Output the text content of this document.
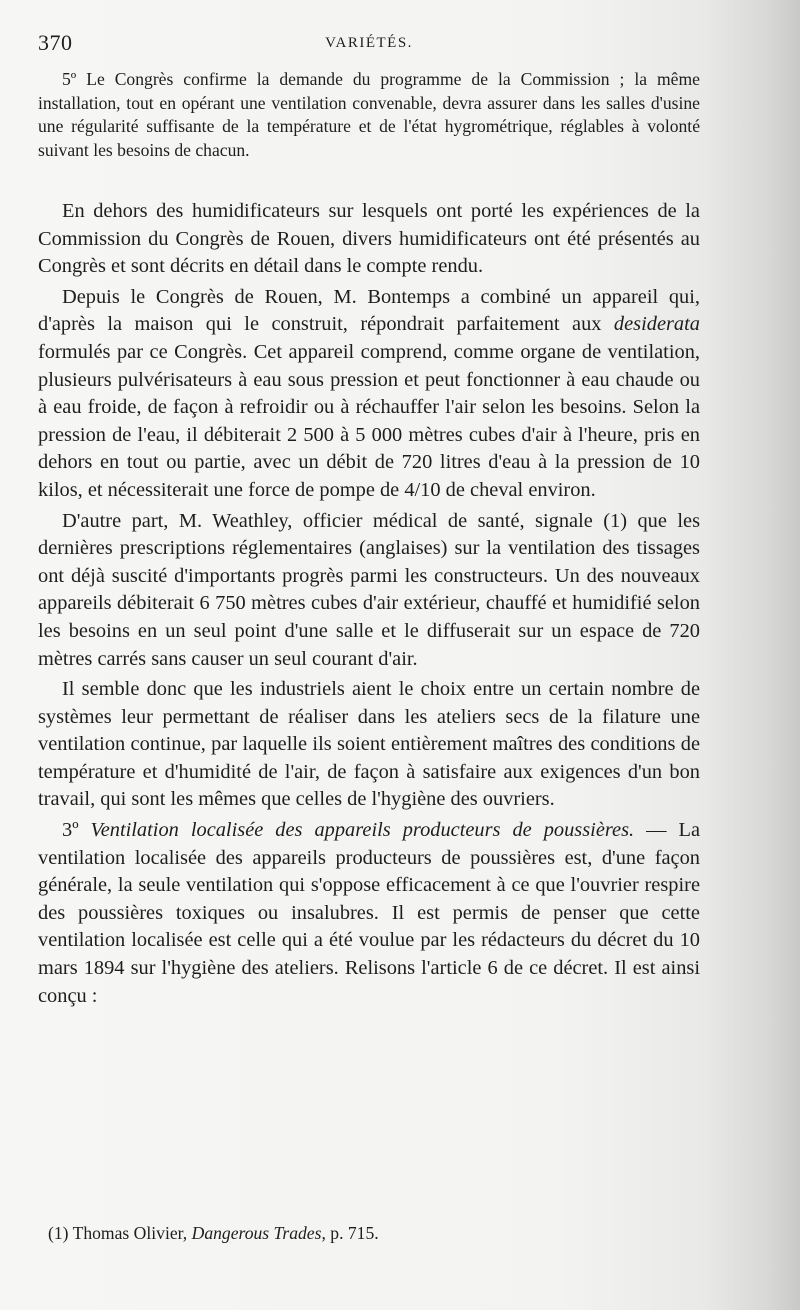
370	VARIÉTÉS.

5º Le Congrès confirme la demande du programme de la Commission ; la même installation, tout en opérant une ventilation convenable, devra assurer dans les salles d'usine une régularité suffisante de la température et de l'état hygrométrique, réglables à volonté suivant les besoins de chacun.

En dehors des humidificateurs sur lesquels ont porté les expériences de la Commission du Congrès de Rouen, divers humidificateurs ont été présentés au Congrès et sont décrits en détail dans le compte rendu.

Depuis le Congrès de Rouen, M. Bontemps a combiné un appareil qui, d'après la maison qui le construit, répondrait parfaitement aux desiderata formulés par ce Congrès. Cet appareil comprend, comme organe de ventilation, plusieurs pulvérisateurs à eau sous pression et peut fonctionner à eau chaude ou à eau froide, de façon à refroidir ou à réchauffer l'air selon les besoins. Selon la pression de l'eau, il débiterait 2 500 à 5 000 mètres cubes d'air à l'heure, pris en dehors en tout ou partie, avec un débit de 720 litres d'eau à la pression de 10 kilos, et nécessiterait une force de pompe de 4/10 de cheval environ.

D'autre part, M. Weathley, officier médical de santé, signale (1) que les dernières prescriptions réglementaires (anglaises) sur la ventilation des tissages ont déjà suscité d'importants progrès parmi les constructeurs. Un des nouveaux appareils débiterait 6 750 mètres cubes d'air extérieur, chauffé et humidifié selon les besoins en un seul point d'une salle et le diffuserait sur un espace de 720 mètres carrés sans causer un seul courant d'air.

Il semble donc que les industriels aient le choix entre un certain nombre de systèmes leur permettant de réaliser dans les ateliers secs de la filature une ventilation continue, par laquelle ils soient entièrement maîtres des conditions de température et d'humidité de l'air, de façon à satisfaire aux exigences d'un bon travail, qui sont les mêmes que celles de l'hygiène des ouvriers.

3º Ventilation localisée des appareils producteurs de poussières. — La ventilation localisée des appareils producteurs de poussières est, d'une façon générale, la seule ventilation qui s'oppose efficacement à ce que l'ouvrier respire des poussières toxiques ou insalubres. Il est permis de penser que cette ventilation localisée est celle qui a été voulue par les rédacteurs du décret du 10 mars 1894 sur l'hygiène des ateliers. Relisons l'article 6 de ce décret. Il est ainsi conçu :

(1) Thomas Olivier, Dangerous Trades, p. 715.
